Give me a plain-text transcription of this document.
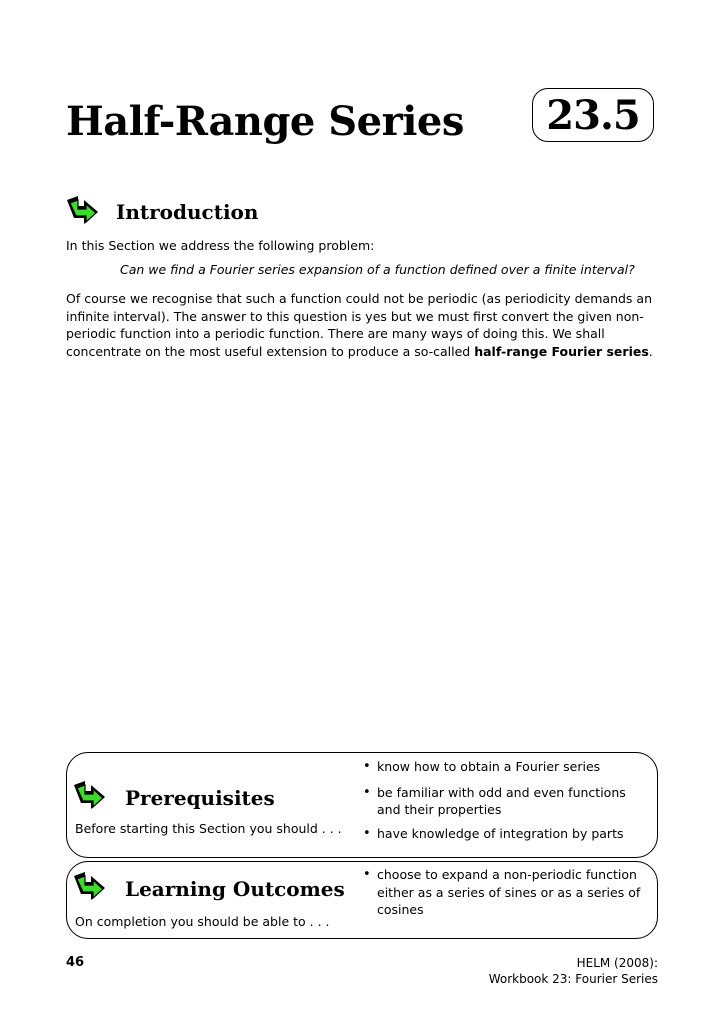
Half-Range Series	23.5
Introduction
In this Section we address the following problem:
Can we find a Fourier series expansion of a function defined over a finite interval?
Of course we recognise that such a function could not be periodic (as periodicity demands an infinite interval). The answer to this question is yes but we must first convert the given non-periodic function into a periodic function. There are many ways of doing this. We shall concentrate on the most useful extension to produce a so-called half-range Fourier series.
Prerequisites
Before starting this Section you should . . .
• know how to obtain a Fourier series
• be familiar with odd and even functions and their properties
• have knowledge of integration by parts
Learning Outcomes
On completion you should be able to . . .
• choose to expand a non-periodic function either as a series of sines or as a series of cosines
46	HELM (2008):
Workbook 23: Fourier Series
